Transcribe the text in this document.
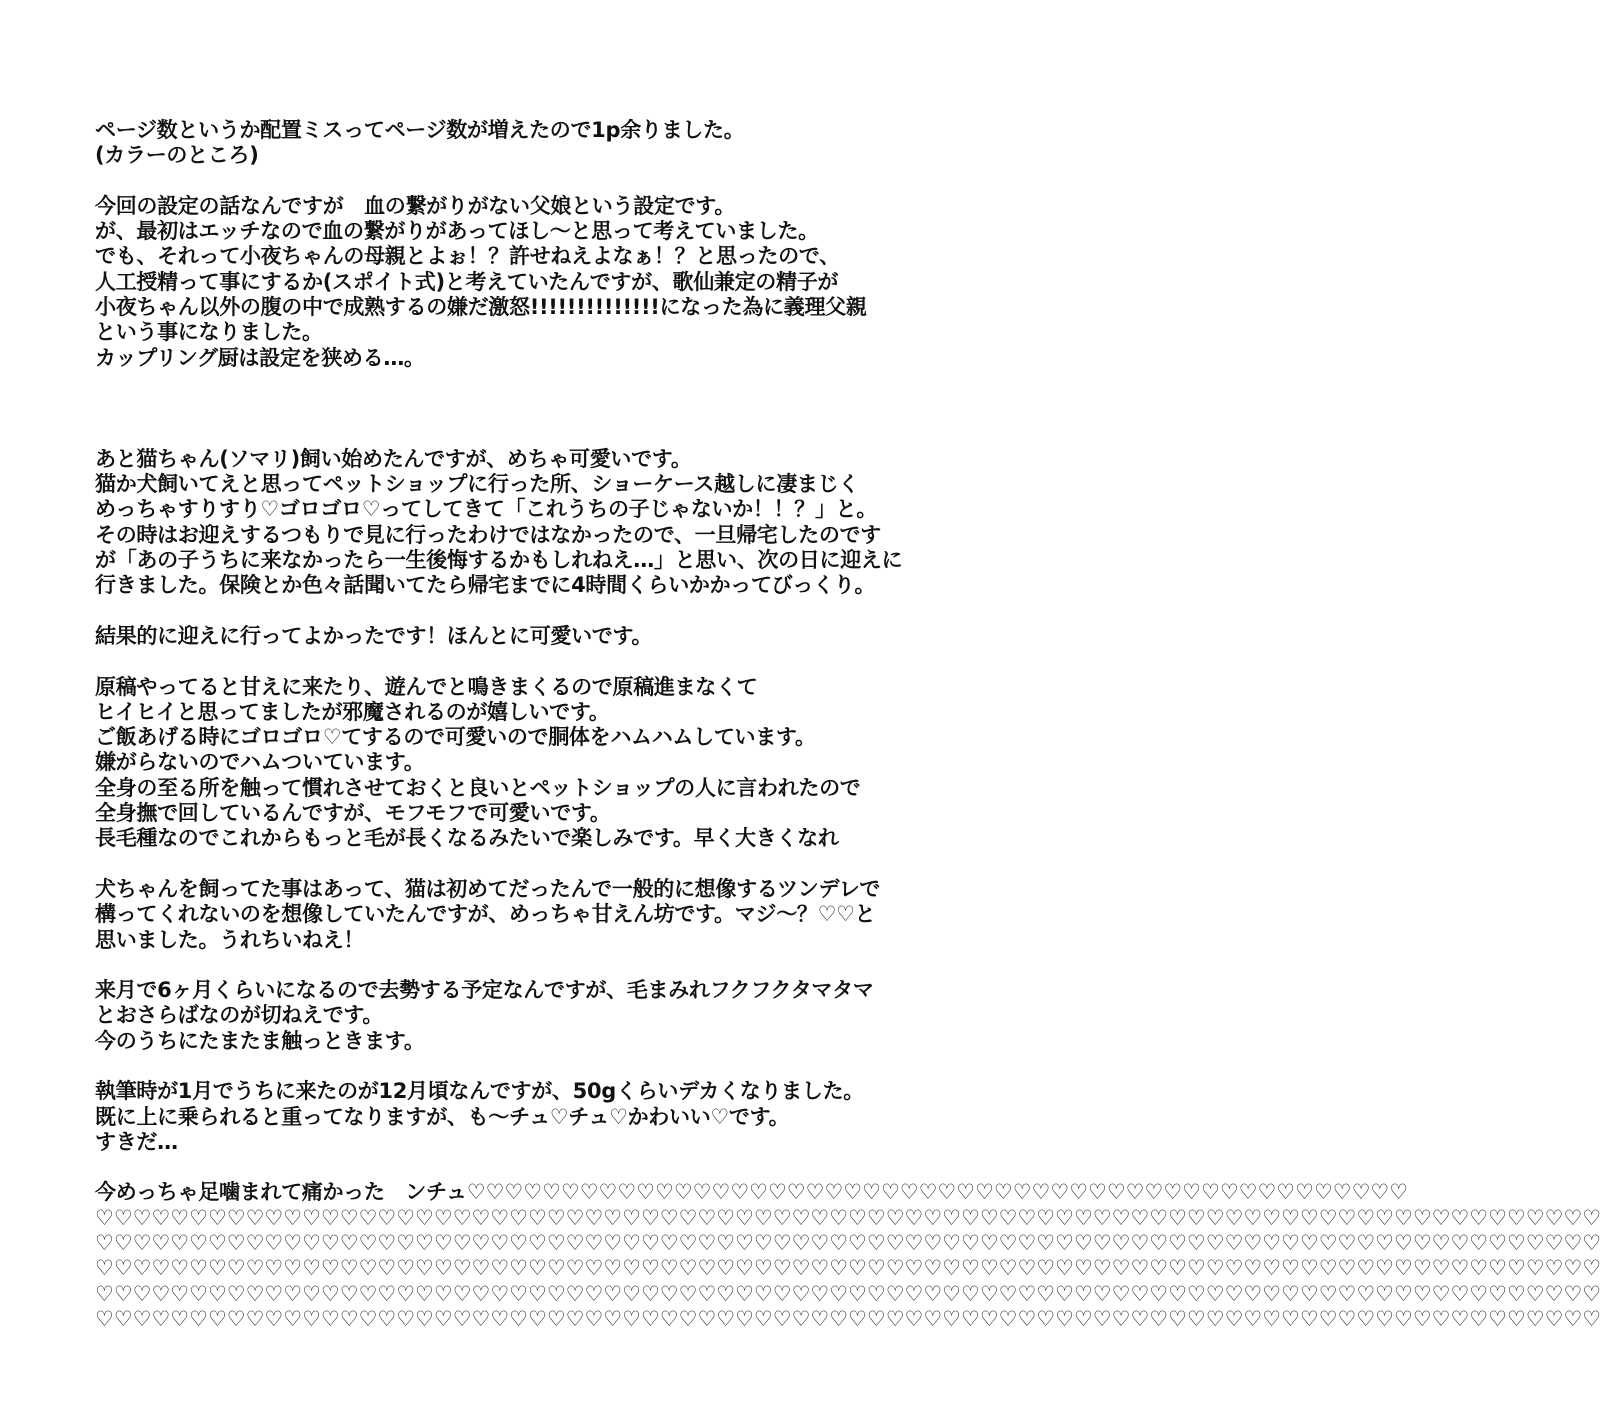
ページ数というか配置ミスってページ数が増えたので1p余りました。
(カラーのところ)
今回の設定の話なんですが　血の繋がりがない父娘という設定です。
が、最初はエッチなので血の繋がりがあってほし〜と思って考えていました。
でも、それって小夜ちゃんの母親とよぉ！？許せねえよなぁ！？と思ったので、
人工授精って事にするか(スポイト式)と考えていたんですが、歌仙兼定の精子が
小夜ちゃん以外の腹の中で成熟するの嫌だ激怒!!!!!!!!!!!!!!になった為に義理父親
という事になりました。
カップリング厨は設定を狭める…。
あと猫ちゃん(ソマリ)飼い始めたんですが、めちゃ可愛いです。
猫か犬飼いてえと思ってペットショップに行った所、ショーケース越しに凄まじく
めっちゃすりすり♡ゴロゴロ♡ってしてきて「これうちの子じゃないか！！？」と。
その時はお迎えするつもりで見に行ったわけではなかったので、一旦帰宅したのです
が「あの子うちに来なかったら一生後悔するかもしれねえ…」と思い、次の日に迎えに
行きました。保険とか色々話聞いてたら帰宅までに4時間くらいかかってびっくり。
結果的に迎えに行ってよかったです！ほんとに可愛いです。
原稿やってると甘えに来たり、遊んでと鳴きまくるので原稿進まなくて
ヒイヒイと思ってましたが邪魔されるのが嬉しいです。
ご飯あげる時にゴロゴロ♡てするので可愛いので胴体をハムハムしています。
嫌がらないのでハムついています。
全身の至る所を触って慣れさせておくと良いとペットショップの人に言われたので
全身撫で回しているんですが、モフモフで可愛いです。
長毛種なのでこれからもっと毛が長くなるみたいで楽しみです。早く大きくなれ
犬ちゃんを飼ってた事はあって、猫は初めてだったんで一般的に想像するツンデレで
構ってくれないのを想像していたんですが、めっちゃ甘えん坊です。マジ〜？♡♡と
思いました。うれちいねえ！
来月で6ヶ月くらいになるので去勢する予定なんですが、毛まみれフクフクタマタマ
とおさらばなのが切ねえです。
今のうちにたまたま触っときます。
執筆時が1月でうちに来たのが12月頃なんですが、50gくらいデカくなりました。
既に上に乗られると重ってなりますが、も〜チュ♡チュ♡かわいい♡です。
すきだ…
今めっちゃ足噛まれて痛かった　ンチュ♡♡♡♡♡♡♡♡♡♡♡♡♡♡♡♡♡♡♡♡♡♡♡♡♡♡♡♡♡♡♡♡♡♡♡♡♡♡♡♡♡♡♡♡♡♡♡♡♡♡
♡♡♡♡♡♡♡♡♡♡♡♡♡♡♡♡♡♡♡♡♡♡♡♡♡♡♡♡♡♡♡♡♡♡♡♡♡♡♡♡♡♡♡♡♡♡♡♡♡♡♡♡♡♡♡♡♡♡♡♡♡♡♡♡♡♡♡♡♡♡♡♡♡♡♡♡♡♡♡♡
♡♡♡♡♡♡♡♡♡♡♡♡♡♡♡♡♡♡♡♡♡♡♡♡♡♡♡♡♡♡♡♡♡♡♡♡♡♡♡♡♡♡♡♡♡♡♡♡♡♡♡♡♡♡♡♡♡♡♡♡♡♡♡♡♡♡♡♡♡♡♡♡♡♡♡♡♡♡♡♡
♡♡♡♡♡♡♡♡♡♡♡♡♡♡♡♡♡♡♡♡♡♡♡♡♡♡♡♡♡♡♡♡♡♡♡♡♡♡♡♡♡♡♡♡♡♡♡♡♡♡♡♡♡♡♡♡♡♡♡♡♡♡♡♡♡♡♡♡♡♡♡♡♡♡♡♡♡♡♡♡
♡♡♡♡♡♡♡♡♡♡♡♡♡♡♡♡♡♡♡♡♡♡♡♡♡♡♡♡♡♡♡♡♡♡♡♡♡♡♡♡♡♡♡♡♡♡♡♡♡♡♡♡♡♡♡♡♡♡♡♡♡♡♡♡♡♡♡♡♡♡♡♡♡♡♡♡♡♡♡♡
♡♡♡♡♡♡♡♡♡♡♡♡♡♡♡♡♡♡♡♡♡♡♡♡♡♡♡♡♡♡♡♡♡♡♡♡♡♡♡♡♡♡♡♡♡♡♡♡♡♡♡♡♡♡♡♡♡♡♡♡♡♡♡♡♡♡♡♡♡♡♡♡♡♡♡♡♡♡♡♡
